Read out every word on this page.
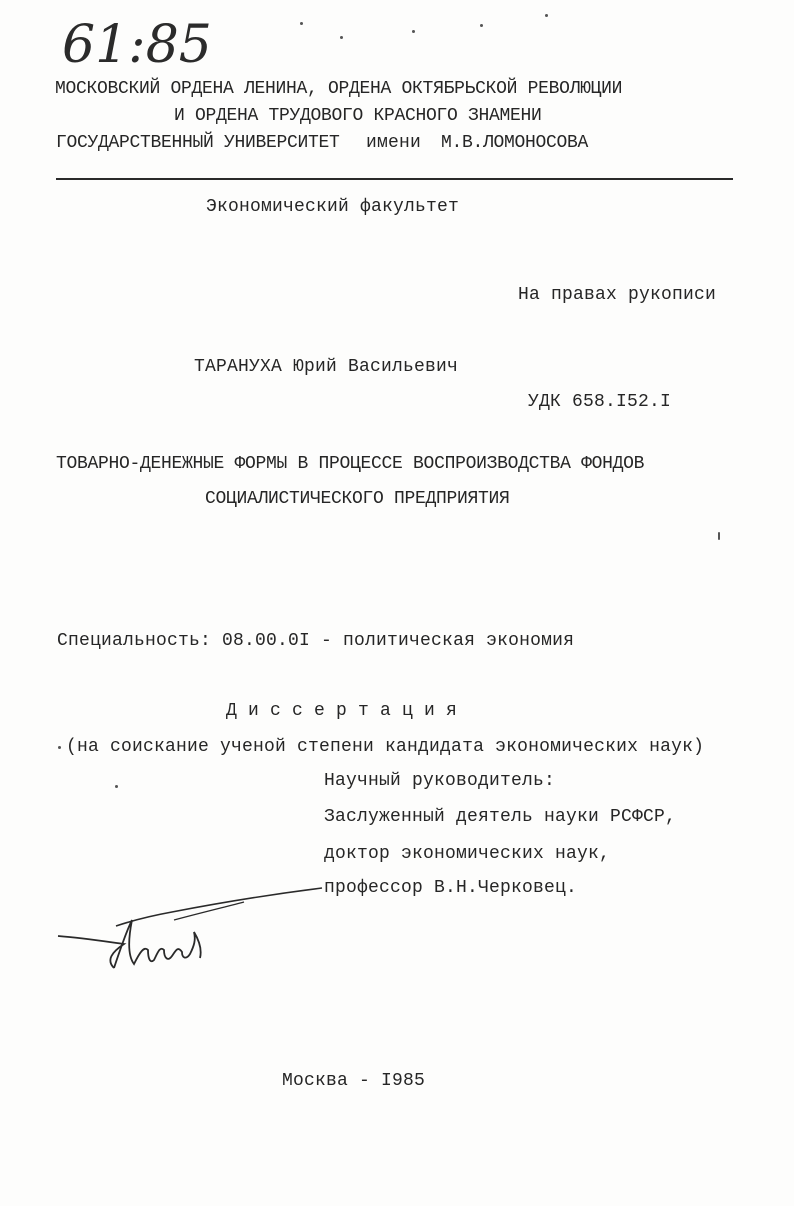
61:85
МОСКОВСКИЙ ОРДЕНА ЛЕНИНА, ОРДЕНА ОКТЯБРЬСКОЙ РЕВОЛЮЦИИ
И ОРДЕНА ТРУДОВОГО КРАСНОГО ЗНАМЕНИ
ГОСУДАРСТВЕННЫЙ УНИВЕРСИТЕТ имени М.В.ЛОМОНОСОВА
Экономический факультет
На правах рукописи
ТАРАНУХА Юрий Васильевич
УДК 658.I52.I
ТОВАРНО-ДЕНЕЖНЫЕ ФОРМЫ В ПРОЦЕССЕ ВОСПРОИЗВОДСТВА ФОНДОВ
СОЦИАЛИСТИЧЕСКОГО ПРЕДПРИЯТИЯ
Специальность: 08.00.0I - политическая экономия
Д и с с е р т а ц и я
(на соискание ученой степени кандидата экономических наук)
Научный руководитель:
Заслуженный деятель науки РСФСР,
доктор экономических наук,
профессор В.Н.Черковец.
Москва - I985
